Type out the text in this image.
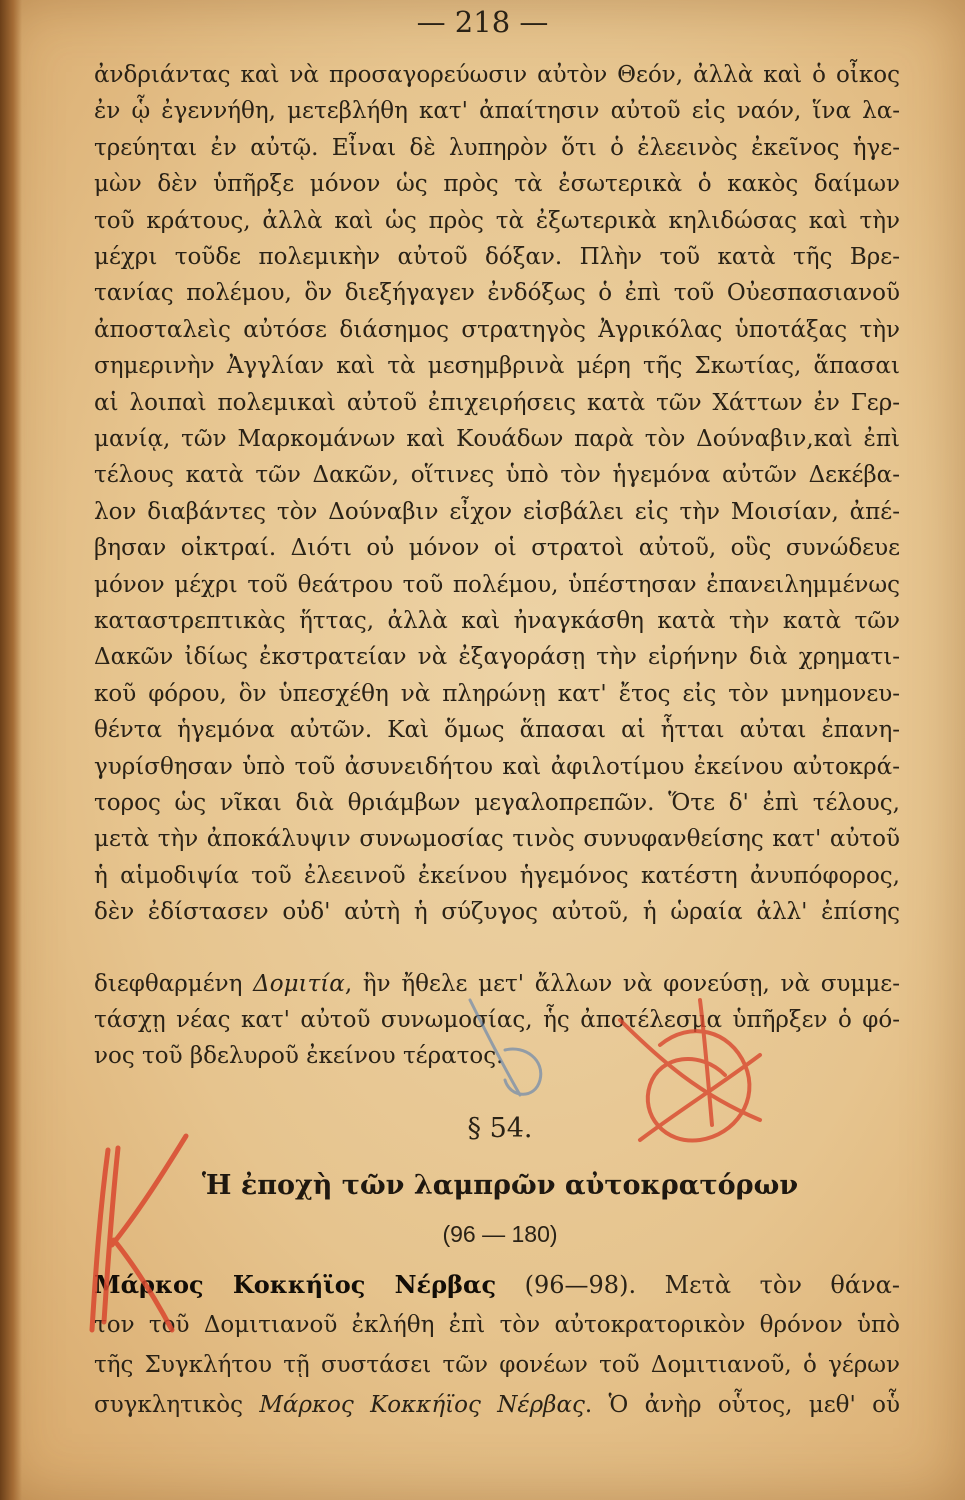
— 218 —
ἀνδριάντας καὶ νὰ προσαγορεύωσιν αὐτὸν Θεόν, ἀλλὰ καὶ ὁ οἶκος
ἐν ᾧ ἐγεννήθη, μετεβλήθη κατ' ἀπαίτησιν αὐτοῦ εἰς ναόν, ἵνα λα-
τρεύηται ἐν αὐτῷ. Εἶναι δὲ λυπηρὸν ὅτι ὁ ἐλεεινὸς ἐκεῖνος ἡγε-
μὼν δὲν ὑπῆρξε μόνον ὡς πρὸς τὰ ἐσωτερικὰ ὁ κακὸς δαίμων
τοῦ κράτους, ἀλλὰ καὶ ὡς πρὸς τὰ ἐξωτερικὰ κηλιδώσας καὶ τὴν
μέχρι τοῦδε πολεμικὴν αὐτοῦ δόξαν. Πλὴν τοῦ κατὰ τῆς Βρε-
τανίας πολέμου, ὃν διεξήγαγεν ἐνδόξως ὁ ἐπὶ τοῦ Οὐεσπασιανοῦ
ἀποσταλεὶς αὐτόσε διάσημος στρατηγὸς Ἀγρικόλας ὑποτάξας τὴν
σημερινὴν Ἀγγλίαν καὶ τὰ μεσημβρινὰ μέρη τῆς Σκωτίας, ἅπασαι
αἱ λοιπαὶ πολεμικαὶ αὐτοῦ ἐπιχειρήσεις κατὰ τῶν Χάττων ἐν Γερ-
μανίᾳ, τῶν Μαρκομάνων καὶ Κουάδων παρὰ τὸν Δούναβιν,καὶ ἐπὶ
τέλους κατὰ τῶν Δακῶν, οἵτινες ὑπὸ τὸν ἡγεμόνα αὐτῶν Δεκέβα-
λον διαβάντες τὸν Δούναβιν εἶχον εἰσβάλει εἰς τὴν Μοισίαν, ἀπέ-
βησαν οἰκτραί. Διότι οὐ μόνον οἱ στρατοὶ αὐτοῦ, οὓς συνώδευε
μόνον μέχρι τοῦ θεάτρου τοῦ πολέμου, ὑπέστησαν ἐπανειλημμένως
καταστρεπτικὰς ἥττας, ἀλλὰ καὶ ἠναγκάσθη κατὰ τὴν κατὰ τῶν
Δακῶν ἰδίως ἐκστρατείαν νὰ ἐξαγοράσῃ τὴν εἰρήνην διὰ χρηματι-
κοῦ φόρου, ὃν ὑπεσχέθη νὰ πληρώνῃ κατ' ἔτος εἰς τὸν μνημονευ-
θέντα ἡγεμόνα αὐτῶν. Καὶ ὅμως ἅπασαι αἱ ἧτται αὐται ἐπανη-
γυρίσθησαν ὑπὸ τοῦ ἀσυνειδήτου καὶ ἀφιλοτίμου ἐκείνου αὐτοκρά-
τορος ὡς νῖκαι διὰ θριάμβων μεγαλοπρεπῶν. Ὅτε δ' ἐπὶ τέλους,
μετὰ τὴν ἀποκάλυψιν συνωμοσίας τινὸς συνυφανθείσης κατ' αὐτοῦ
ἡ αἱμοδιψία τοῦ ἐλεεινοῦ ἐκείνου ἡγεμόνος κατέστη ἀνυπόφορος,
δὲν ἐδίστασεν οὐδ' αὐτὴ ἡ σύζυγος αὐτοῦ, ἡ ὡραία ἀλλ' ἐπίσης
διεφθαρμένη Δομιτία, ἣν ἤθελε μετ' ἄλλων νὰ φονεύσῃ, νὰ συμμε-
τάσχῃ νέας κατ' αὐτοῦ συνωμοσίας, ἧς ἀποτέλεσμα ὑπῆρξεν ὁ φό-
νος τοῦ βδελυροῦ ἐκείνου τέρατος.
§ 54.
Ἡ ἐποχὴ τῶν λαμπρῶν αὐτοκρατόρων
(96 — 180)
Μάρκος Κοκκήϊος Νέρβας (96—98). Μετὰ τὸν θάνα-
τον τοῦ Δομιτιανοῦ ἐκλήθη ἐπὶ τὸν αὐτοκρατορικὸν θρόνον ὑπὸ
τῆς Συγκλήτου τῇ συστάσει τῶν φονέων τοῦ Δομιτιανοῦ, ὁ γέρων
συγκλητικὸς Μάρκος Κοκκήϊος Νέρβας. Ὁ ἀνὴρ οὗτος, μεθ' οὗ
